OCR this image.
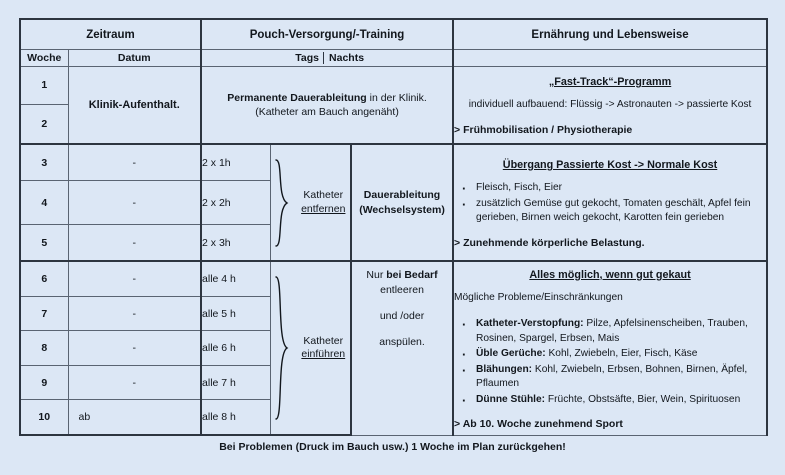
Zeitraum		Pouch-Versorgung/-Training			Ernährung und Lebensweise
Woche	Datum	Tags Nachts			

1	Klinik-Aufenthalt.	
Permanente Dauerableitung in der Klinik.
(Katheter am Bauch angenäht)

„Fast-Track“-Programm
individuell aufbauend: Flüssig -> Astronauten -> passierte Kost
> Frühmobilisation / Physiotherapie

2					
3	-	2 x 1h	
Katheter
entfernen

Dauerableitung
(Wechselsystem)

Übergang Passierte Kost -> Normale Kost
· Fleisch, Fisch, Eier
· zusätzlich Gemüse gut gekocht, Tomaten geschält, Apfel fein gerieben, Birnen weich gekocht, Karotten fein gerieben
> Zunehmende körperliche Belastung.

4	-	2 x 2h			
5	-	2 x 3h			
6	-	alle 4 h	
Katheter
einführen

Nur bei Bedarf entleeren
und /oder
anspülen.

Alles möglich, wenn gut gekaut
Mögliche Probleme/Einschränkungen
· Katheter-Verstopfung: Pilze, Apfelsinenscheiben, Trauben, Rosinen, Spargel, Erbsen, Mais
· Üble Gerüche: Kohl, Zwiebeln, Eier, Fisch, Käse
· Blähungen: Kohl, Zwiebeln, Erbsen, Bohnen, Birnen, Äpfel, Pflaumen
· Dünne Stühle: Früchte, Obstsäfte, Bier, Wein, Spirituosen
> Ab 10. Woche zunehmend Sport

7	-	alle 5 h			
8	-	alle 6 h			
9	-	alle 7 h			
10	ab	alle 8 h			
Bei Problemen (Druck im Bauch usw.) 1 Woche im Plan zurückgehen!
